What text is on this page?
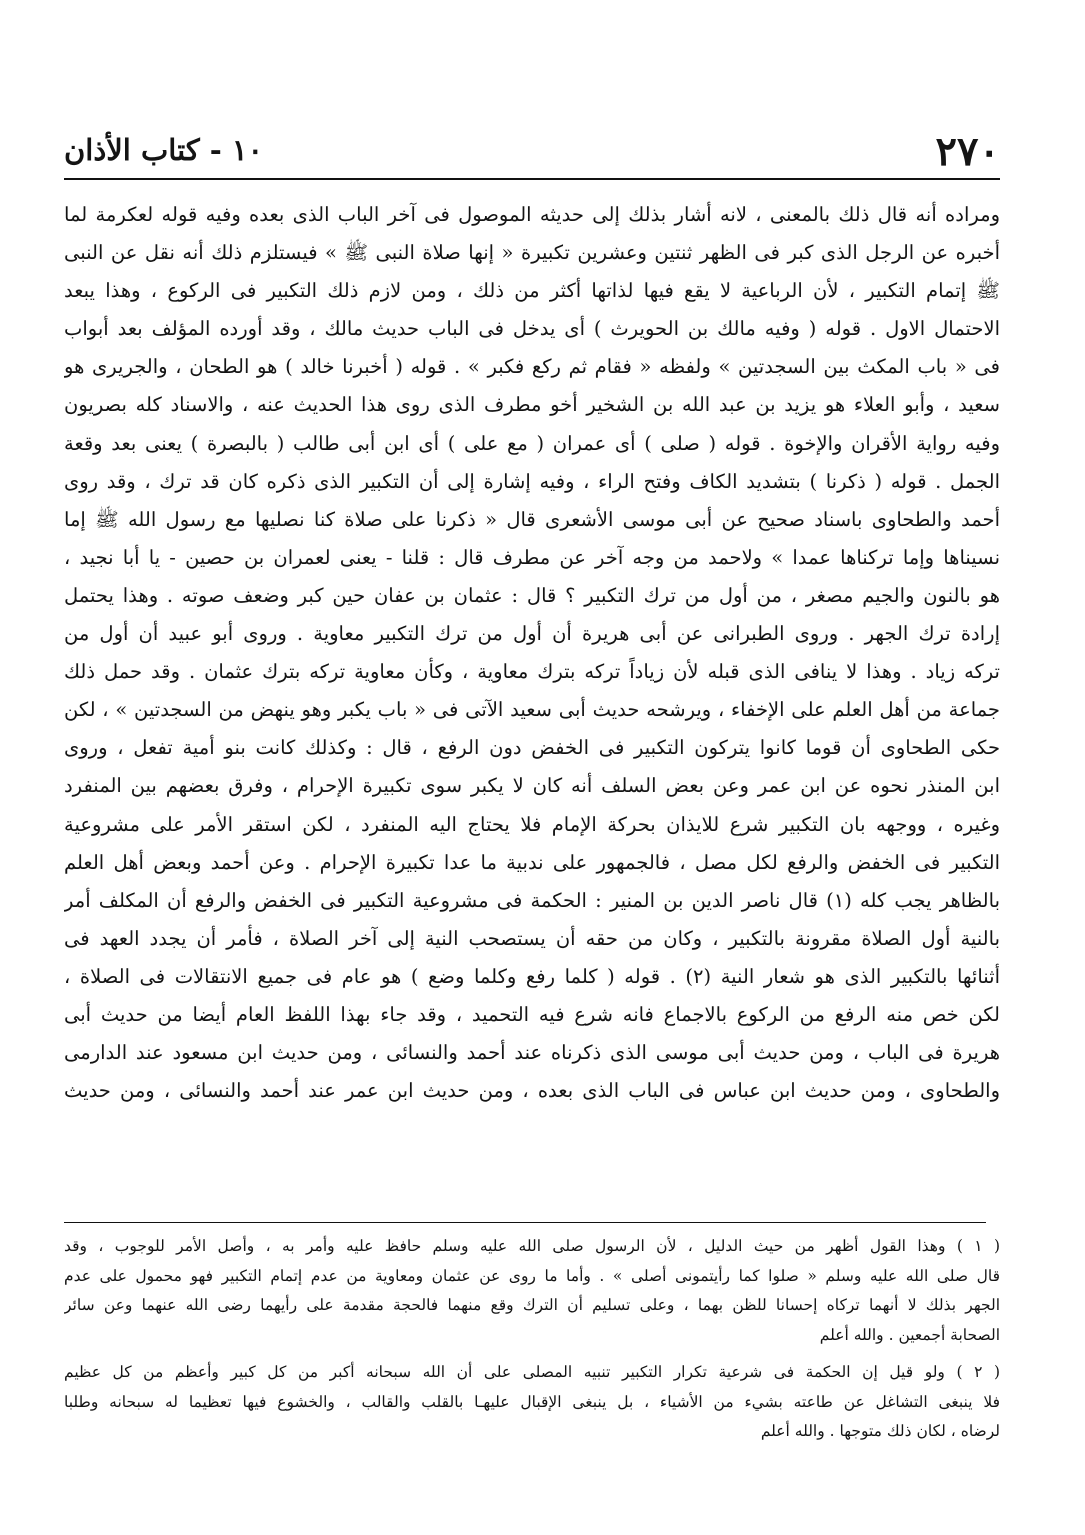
٢٧٠
١٠ - كتاب الأذان
ومراده أنه قال ذلك بالمعنى ، لانه أشار بذلك إلى حديثه الموصول فى آخر الباب الذى بعده وفيه قوله لعكرمة لما
أخبره عن الرجل الذى كبر فى الظهر ثنتين وعشرين تكبيرة « إنها صلاة النبى ﷺ » فيستلزم ذلك أنه نقل عن النبى
ﷺ إتمام التكبير ، لأن الرباعية لا يقع فيها لذاتها أكثر من ذلك ، ومن لازم ذلك التكبير فى الركوع ، وهذا يبعد
الاحتمال الاول . قوله ( وفيه مالك بن الحويرث ) أى يدخل فى الباب حديث مالك ، وقد أورده المؤلف بعد أبواب
فى « باب المكث بين السجدتين » ولفظه « فقام ثم ركع فكبر » . قوله ( أخبرنا خالد ) هو الطحان ، والجريرى هو
سعيد ، وأبو العلاء هو يزيد بن عبد الله بن الشخير أخو مطرف الذى روى هذا الحديث عنه ، والاسناد كله بصريون
وفيه رواية الأقران والإخوة . قوله ( صلى ) أى عمران ( مع على ) أى ابن أبى طالب ( بالبصرة ) يعنى بعد وقعة
الجمل . قوله ( ذكرنا ) بتشديد الكاف وفتح الراء ، وفيه إشارة إلى أن التكبير الذى ذكره كان قد ترك ، وقد روى
أحمد والطحاوى باسناد صحيح عن أبى موسى الأشعرى قال « ذكرنا على صلاة كنا نصليها مع رسول الله ﷺ إما
نسيناها وإما تركناها عمدا » ولاحمد من وجه آخر عن مطرف قال : قلنا - يعنى لعمران بن حصين - يا أبا نجيد ،
هو بالنون والجيم مصغر ، من أول من ترك التكبير ؟ قال : عثمان بن عفان حين كبر وضعف صوته . وهذا يحتمل
إرادة ترك الجهر . وروى الطبرانى عن أبى هريرة أن أول من ترك التكبير معاوية . وروى أبو عبيد أن أول من
تركه زياد . وهذا لا ينافى الذى قبله لأن زياداً تركه بترك معاوية ، وكأن معاوية تركه بترك عثمان . وقد حمل ذلك
جماعة من أهل العلم على الإخفاء ، ويرشحه حديث أبى سعيد الآتى فى « باب يكبر وهو ينهض من السجدتين » ، لكن
حكى الطحاوى أن قوما كانوا يتركون التكبير فى الخفض دون الرفع ، قال : وكذلك كانت بنو أمية تفعل ، وروى
ابن المنذر نحوه عن ابن عمر وعن بعض السلف أنه كان لا يكبر سوى تكبيرة الإحرام ، وفرق بعضهم بين المنفرد
وغيره ، ووجهه بان التكبير شرع للايذان بحركة الإمام فلا يحتاج اليه المنفرد ، لكن استقر الأمر على مشروعية
التكبير فى الخفض والرفع لكل مصل ، فالجمهور على ندبية ما عدا تكبيرة الإحرام . وعن أحمد وبعض أهل العلم
بالظاهر يجب كله (١) قال ناصر الدين بن المنير : الحكمة فى مشروعية التكبير فى الخفض والرفع أن المكلف أمر
بالنية أول الصلاة مقرونة بالتكبير ، وكان من حقه أن يستصحب النية إلى آخر الصلاة ، فأمر أن يجدد العهد فى
أثنائها بالتكبير الذى هو شعار النية (٢) . قوله ( كلما رفع وكلما وضع ) هو عام فى جميع الانتقالات فى الصلاة ،
لكن خص منه الرفع من الركوع بالاجماع فانه شرع فيه التحميد ، وقد جاء بهذا اللفظ العام أيضا من حديث أبى
هريرة فى الباب ، ومن حديث أبى موسى الذى ذكرناه عند أحمد والنسائى ، ومن حديث ابن مسعود عند الدارمى
والطحاوى ، ومن حديث ابن عباس فى الباب الذى بعده ، ومن حديث ابن عمر عند أحمد والنسائى ، ومن حديث
( ١ ) وهذا القول أظهر من حيث الدليل ، لأن الرسول صلى الله عليه وسلم حافظ عليه وأمر به ، وأصل الأمر للوجوب ، وقد
قال صلى الله عليه وسلم « صلوا كما رأيتمونى أصلى » . وأما ما روى عن عثمان ومعاوية من عدم إتمام التكبير فهو محمول على عدم
الجهر بذلك لا أنهما تركاه إحسانا للظن بهما ، وعلى تسليم أن الترك وقع منهما فالحجة مقدمة على رأيهما رضى الله عنهما وعن سائر
الصحابة أجمعين . والله أعلم
( ٢ ) ولو قيل إن الحكمة فى شرعية تكرار التكبير تنبيه المصلى على أن الله سبحانه أكبر من كل كبير وأعظم من كل عظيم
فلا ينبغى التشاغل عن طاعته بشيء من الأشياء ، بل ينبغى الإقبال عليهـا بالقلب والقالب ، والخشوع فيها تعظيما له سبحانه وطلبا
لرضاه ، لكان ذلك متوجها . والله أعلم
